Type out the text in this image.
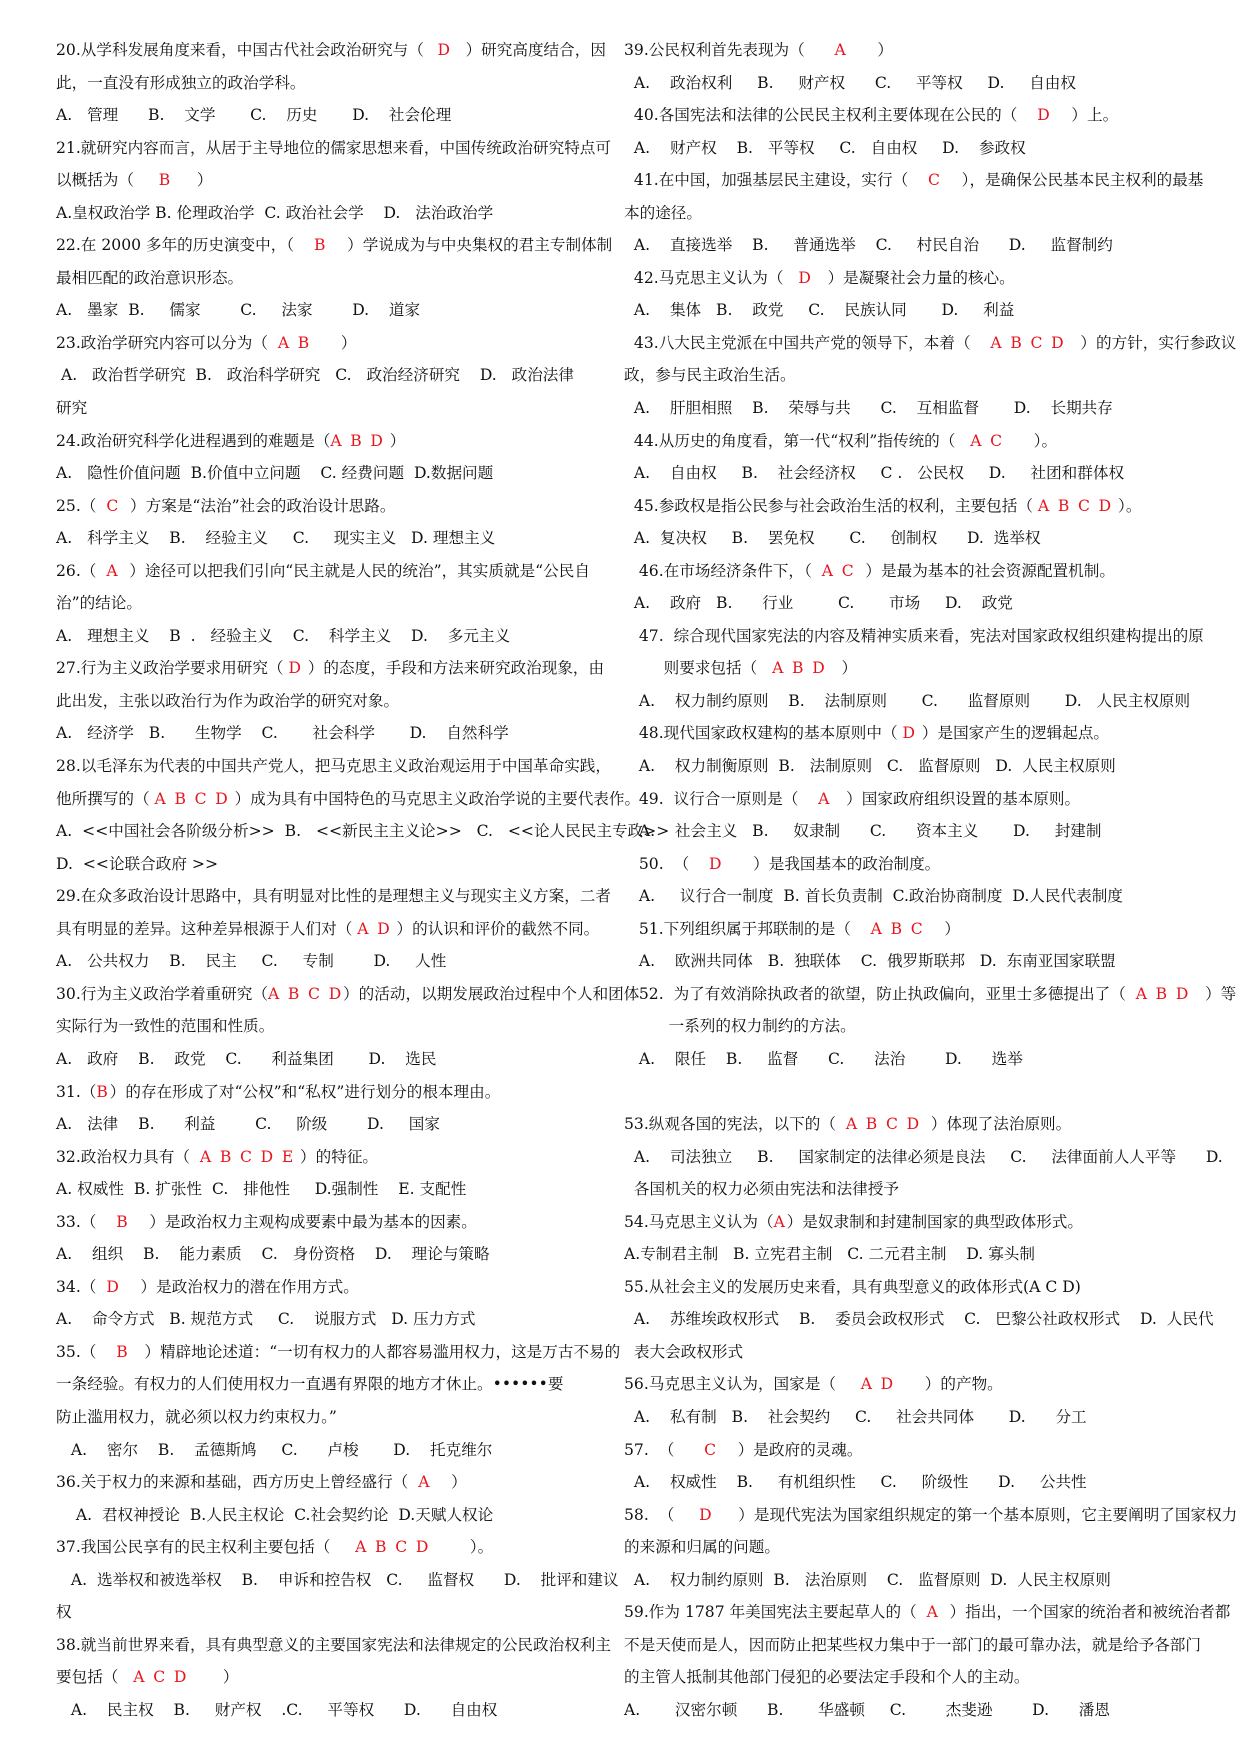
20.从学科发展角度来看，中国古代社会政治研究与（  D  ）研究高度结合，因
此，一直没有形成独立的政治学科。
A.   管理      B.    文学       C.    历史       D.    社会伦理
21.就研究内容而言，从居于主导地位的儒家思想来看，中国传统政治研究特点可
以概括为（     B     ）
A.皇权政治学 B. 伦理政治学  C. 政治社会学    D.   法治政治学
22.在 2000 多年的历史演变中，（    B    ）学说成为与中央集权的君主专制体制
最相匹配的政治意识形态。
A.   墨家  B.     儒家        C.     法家        D.    道家
23.政治学研究内容可以分为（  A B      ）
A.   政治哲学研究  B.   政治科学研究   C.   政治经济研究    D.   政治法律
研究
24.政治研究科学化进程遇到的难题是（A B D ）
A.   隐性价值问题  B.价值中立问题    C. 经费问题  D.数据问题
25.（  C  ）方案是“法治”社会的政治设计思路。
A.   科学主义    B.    经验主义     C.     现实主义   D. 理想主义
26.（  A  ）途径可以把我们引向“民主就是人民的统治”，其实质就是“公民自
治”的结论。
A.   理想主义    B  .   经验主义    C.    科学主义    D.    多元主义
27.行为主义政治学要求用研究（ D ）的态度，手段和方法来研究政治现象，由
此出发，主张以政治行为作为政治学的研究对象。
A.   经济学   B.      生物学    C.       社会科学       D.    自然科学
28.以毛泽东为代表的中国共产党人，把马克思主义政治观运用于中国革命实践，
他所撰写的（ A B C D ）成为具有中国特色的马克思主义政治学说的主要代表作。
A.  <<中国社会各阶级分析>>  B.   <<新民主主义论>>   C.   <<论人民民主专政>>
D.  <<论联合政府 >>
29.在众多政治设计思路中，具有明显对比性的是理想主义与现实主义方案，二者
具有明显的差异。这种差异根源于人们对（ A D ）的认识和评价的截然不同。
A.   公共权力    B.    民主     C.     专制        D.     人性
30.行为主义政治学着重研究（A B C D）的活动，以期发展政治过程中个人和团体
实际行为一致性的范围和性质。
A.   政府    B.    政党    C.      利益集团       D.    选民
31.（B）的存在形成了对“公权”和“私权”进行划分的根本理由。
A.   法律    B.      利益        C.     阶级        D.     国家
32.政治权力具有（  A B C D E ）的特征。
A. 权威性  B. 扩张性  C.   排他性     D.强制性    E. 支配性
33.（    B    ）是政治权力主观构成要素中最为基本的因素。
A.    组织    B.    能力素质    C.   身份资格    D.    理论与策略
34.（  D    ）是政治权力的潜在作用方式。
A.    命令方式   B. 规范方式     C.    说服方式   D. 压力方式
35.（    B   ）精辟地论述道：“一切有权力的人都容易滥用权力，这是万古不易的
一条经验。有权力的人们使用权力一直遇有界限的地方才休止。••••••要
防止滥用权力，就必须以权力约束权力。”
A.    密尔    B.    孟德斯鸠     C.      卢梭       D.    托克维尔
36.关于权力的来源和基础，西方历史上曾经盛行（  A    ）
A.  君权神授论  B.人民主权论  C.社会契约论  D.天赋人权论
37.我国公民享有的民主权利主要包括（     A B C D        ）。
A.  选举权和被选举权    B.    申诉和控告权   C.     监督权      D.    批评和建议
权
38.就当前世界来看，具有典型意义的主要国家宪法和法律规定的公民政治权利主
要包括（   A C D       ）
A.    民主权    B.     财产权    .C.     平等权      D.      自由权
39.公民权利首先表现为（      A      ）
A.    政治权利     B.     财产权      C.     平等权     D.     自由权
40.各国宪法和法律的公民民主权利主要体现在公民的（    D    ）上。
A.    财产权    B.   平等权     C.   自由权     D.    参政权
41.在中国，加强基层民主建设，实行（    C    ），是确保公民基本民主权利的最基
本的途径。
A.    直接选举    B.     普通选举    C.     村民自治      D.     监督制约
42.马克思主义认为（   D   ）是凝聚社会力量的核心。
A.    集体   B.    政党     C.    民族认同       D.     利益
43.八大民主党派在中国共产党的领导下，本着（    A B C D   ）的方针，实行参政议
政，参与民主政治生活。
A.    肝胆相照    B.    荣辱与共      C.    互相监督       D.    长期共存
44.从历史的角度看，第一代“权利”指传统的（   A C      ）。
A.    自由权     B.    社会经济权     C .   公民权     D.     社团和群体权
45.参政权是指公民参与社会政治生活的权利，主要包括（ A B C D ）。
A.  复决权     B.    罢免权       C.     创制权      D.  选举权
46.在市场经济条件下，（  A C  ）是最为基本的社会资源配置机制。
A.    政府   B.      行业         C.       市场     D.    政党
47.  综合现代国家宪法的内容及精神实质来看，宪法对国家政权组织建构提出的原
则要求包括（   A B D   ）
A.    权力制约原则    B.    法制原则       C.      监督原则       D.   人民主权原则
48.现代国家政权建构的基本原则中（ D ）是国家产生的逻辑起点。
A.    权力制衡原则  B.   法制原则   C.   监督原则   D.  人民主权原则
49.  议行合一原则是（    A   ）国家政府组织设置的基本原则。
A.    社会主义   B.     奴隶制      C.      资本主义       D.     封建制
50.  （    D      ）是我国基本的政治制度。
A.     议行合一制度  B. 首长负责制  C.政治协商制度  D.人民代表制度
51.下列组织属于邦联制的是（    A B C    ）
A.    欧洲共同体   B.  独联体    C.  俄罗斯联邦   D.  东南亚国家联盟
52.  为了有效消除执政者的欲望，防止执政偏向，亚里士多德提出了（  A B D   ）等
一系列的权力制约的方法。
A.    限任    B.     监督      C.      法治        D.      选举
53.纵观各国的宪法，以下的（  A B C D  ）体现了法治原则。
A.    司法独立     B.     国家制定的法律必须是良法     C.     法律面前人人平等      D.
各国机关的权力必须由宪法和法律授予
54.马克思主义认为（A）是奴隶制和封建制国家的典型政体形式。
A.专制君主制   B. 立宪君主制   C. 二元君主制    D. 寡头制
55.从社会主义的发展历史来看，具有典型意义的政体形式(A C D)
A.    苏维埃政权形式    B.    委员会政权形式    C.   巴黎公社政权形式    D.  人民代
表大会政权形式
56.马克思主义认为，国家是（     A D      ）的产物。
A.    私有制   B.    社会契约     C.     社会共同体       D.      分工
57.  （      C    ）是政府的灵魂。
A.    权威性    B.     有机组织性     C.     阶级性      D.     公共性
58.  （     D     ）是现代宪法为国家组织规定的第一个基本原则，它主要阐明了国家权力
的来源和归属的问题。
A.    权力制约原则  B.   法治原则    C.   监督原则  D.  人民主权原则
59.作为 1787 年美国宪法主要起草人的（  A  ）指出，一个国家的统治者和被统治者都
不是天使而是人，因而防止把某些权力集中于一部门的最可靠办法，就是给予各部门
的主管人抵制其他部门侵犯的必要法定手段和个人的主动。
A.       汉密尔顿      B.       华盛顿     C.        杰斐逊        D.      潘恩
